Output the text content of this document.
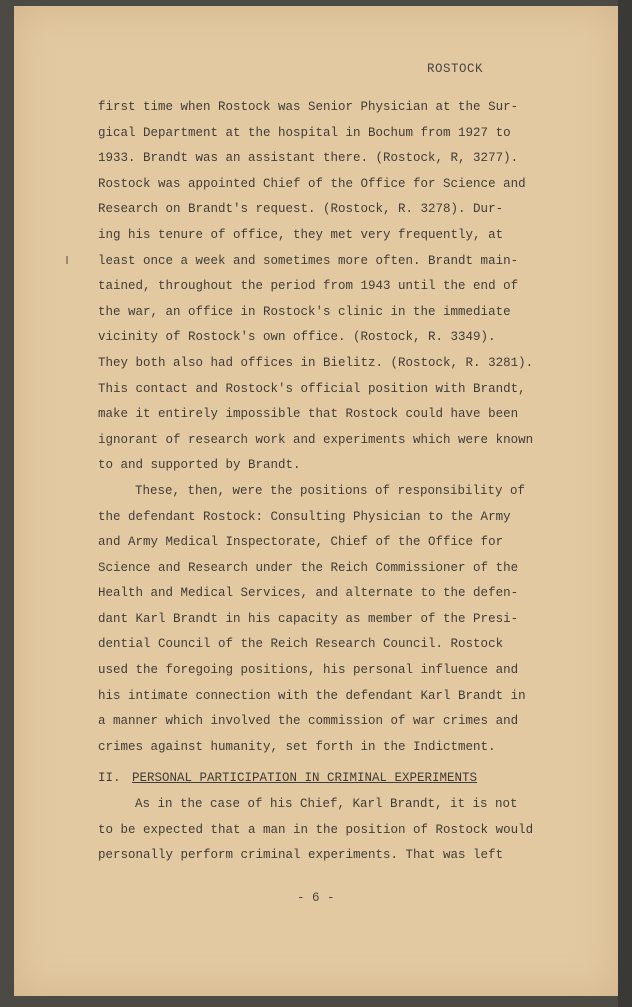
ROSTOCK
first time when Rostock was Senior Physician at the Sur-
gical Department at the hospital in Bochum from 1927 to
1933. Brandt was an assistant there. (Rostock, R, 3277).
Rostock was appointed Chief of the Office for Science and
Research on Brandt's request. (Rostock, R. 3278). Dur-
ing his tenure of office, they met very frequently, at
least once a week and sometimes more often. Brandt main-
tained, throughout the period from 1943 until the end of
the war, an office in Rostock's clinic in the immediate
vicinity of Rostock's own office. (Rostock, R. 3349).
They both also had offices in Bielitz. (Rostock, R. 3281).
This contact and Rostock's official position with Brandt,
make it entirely impossible that Rostock could have been
ignorant of research work and experiments which were known
to and supported by Brandt.
These, then, were the positions of responsibility of
the defendant Rostock: Consulting Physician to the Army
and Army Medical Inspectorate, Chief of the Office for
Science and Research under the Reich Commissioner of the
Health and Medical Services, and alternate to the defen-
dant Karl Brandt in his capacity as member of the Presi-
dential Council of the Reich Research Council. Rostock
used the foregoing positions, his personal influence and
his intimate connection with the defendant Karl Brandt in
a manner which involved the commission of war crimes and
crimes against humanity, set forth in the Indictment.
II. PERSONAL PARTICIPATION IN CRIMINAL EXPERIMENTS
As in the case of his Chief, Karl Brandt, it is not
to be expected that a man in the position of Rostock would
personally perform criminal experiments. That was left
- 6 -
